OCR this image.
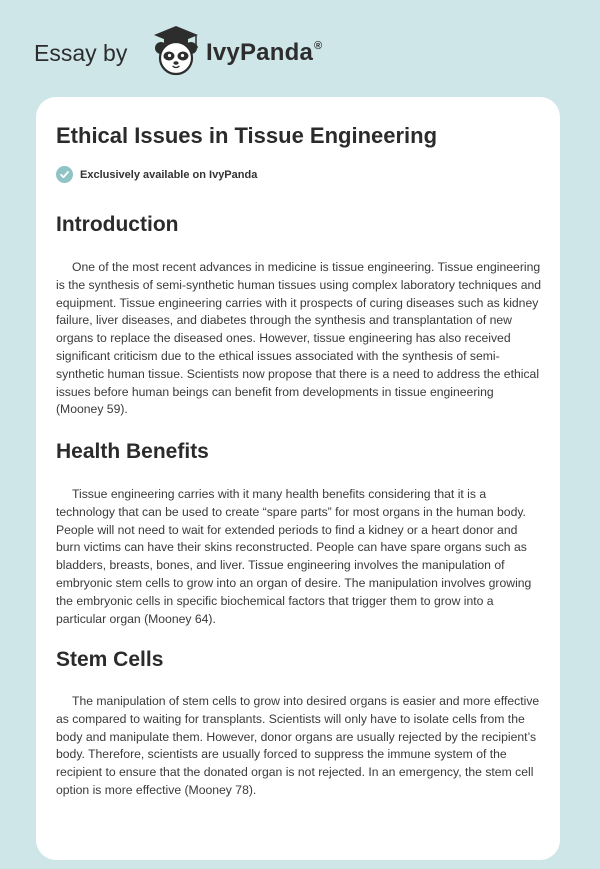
Essay by	IvyPanda®
Ethical Issues in Tissue Engineering
Exclusively available on IvyPanda
Introduction

One of the most recent advances in medicine is tissue engineering. Tissue engineering is the synthesis of semi-synthetic human tissues using complex laboratory techniques and equipment. Tissue engineering carries with it prospects of curing diseases such as kidney failure, liver diseases, and diabetes through the synthesis and transplantation of new organs to replace the diseased ones. However, tissue engineering has also received significant criticism due to the ethical issues associated with the synthesis of semi-synthetic human tissue. Scientists now propose that there is a need to address the ethical issues before human beings can benefit from developments in tissue engineering (Mooney 59).

Health Benefits

Tissue engineering carries with it many health benefits considering that it is a technology that can be used to create “spare parts” for most organs in the human body. People will not need to wait for extended periods to find a kidney or a heart donor and burn victims can have their skins reconstructed. People can have spare organs such as bladders, breasts, bones, and liver. Tissue engineering involves the manipulation of embryonic stem cells to grow into an organ of desire. The manipulation involves growing the embryonic cells in specific biochemical factors that trigger them to grow into a particular organ (Mooney 64).

Stem Cells

The manipulation of stem cells to grow into desired organs is easier and more effective as compared to waiting for transplants. Scientists will only have to isolate cells from the body and manipulate them. However, donor organs are usually rejected by the recipient’s body. Therefore, scientists are usually forced to suppress the immune system of the recipient to ensure that the donated organ is not rejected. In an emergency, the stem cell option is more effective (Mooney 78).
